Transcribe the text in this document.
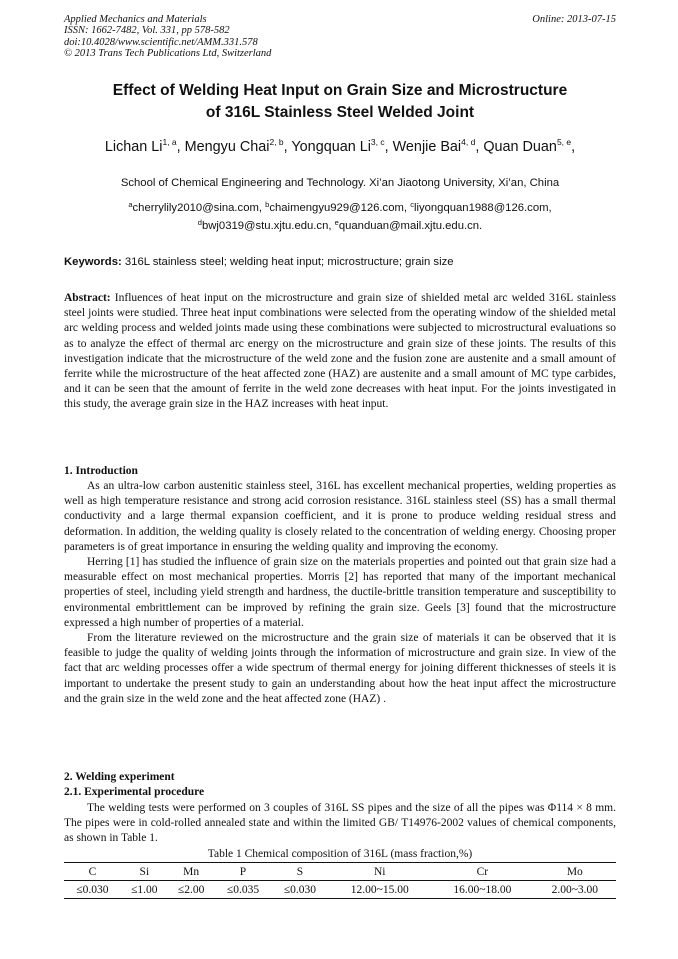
Applied Mechanics and Materials
ISSN: 1662-7482, Vol. 331, pp 578-582
doi:10.4028/www.scientific.net/AMM.331.578
© 2013 Trans Tech Publications Ltd, Switzerland
Online: 2013-07-15
Effect of Welding Heat Input on Grain Size and Microstructure
of 316L Stainless Steel Welded Joint
Lichan Li$^{1, a}$, Mengyu Chai$^{2, b}$, Yongquan Li$^{3, c}$, Wenjie Bai$^{4, d}$, Quan Duan$^{5, e}$,
School of Chemical Engineering and Technology. Xi’an Jiaotong University, Xi’an, China
$^a$cherrylily2010@sina.com, $^b$chaimengyu929@126.com, $^c$liyongquan1988@126.com,
$^d$bwj0319@stu.xjtu.edu.cn, $^e$quanduan@mail.xjtu.edu.cn.
Keywords: 316L stainless steel; welding heat input; microstructure; grain size
Abstract: Influences of heat input on the microstructure and grain size of shielded metal arc welded 316L stainless steel joints were studied. Three heat input combinations were selected from the operating window of the shielded metal arc welding process and welded joints made using these combinations were subjected to microstructural evaluations so as to analyze the effect of thermal arc energy on the microstructure and grain size of these joints. The results of this investigation indicate that the microstructure of the weld zone and the fusion zone are austenite and a small amount of ferrite while the microstructure of the heat affected zone (HAZ) are austenite and a small amount of MC type carbides, and it can be seen that the amount of ferrite in the weld zone decreases with heat input. For the joints investigated in this study, the average grain size in the HAZ increases with heat input.
1. Introduction

As an ultra-low carbon austenitic stainless steel, 316L has excellent mechanical properties, welding properties as well as high temperature resistance and strong acid corrosion resistance. 316L stainless steel (SS) has a small thermal conductivity and a large thermal expansion coefficient, and it is prone to produce welding residual stress and deformation. In addition, the welding quality is closely related to the concentration of welding energy. Choosing proper parameters is of great importance in ensuring the welding quality and improving the economy.

Herring [1] has studied the influence of grain size on the materials properties and pointed out that grain size had a measurable effect on most mechanical properties. Morris [2] has reported that many of the important mechanical properties of steel, including yield strength and hardness, the ductile-brittle transition temperature and susceptibility to environmental embrittlement can be improved by refining the grain size. Geels [3] found that the microstructure expressed a high number of properties of a material.

From the literature reviewed on the microstructure and the grain size of materials it can be observed that it is feasible to judge the quality of welding joints through the information of microstructure and grain size. In view of the fact that arc welding processes offer a wide spectrum of thermal energy for joining different thicknesses of steels it is important to undertake the present study to gain an understanding about how the heat input affect the microstructure and the grain size in the weld zone and the heat affected zone (HAZ) .

2. Welding experiment
2.1. Experimental procedure

The welding tests were performed on 3 couples of 316L SS pipes and the size of all the pipes was Φ114 × 8 mm. The pipes were in cold-rolled annealed state and within the limited GB/ T14976-2002 values of chemical components, as shown in Table 1.

Table 1 Chemical composition of 316L (mass fraction,%)
C	Si	Mn	P	S	Ni	Cr	Mo
≤0.030	≤1.00	≤2.00	≤0.035	≤0.030	12.00~15.00	16.00~18.00	2.00~3.00
